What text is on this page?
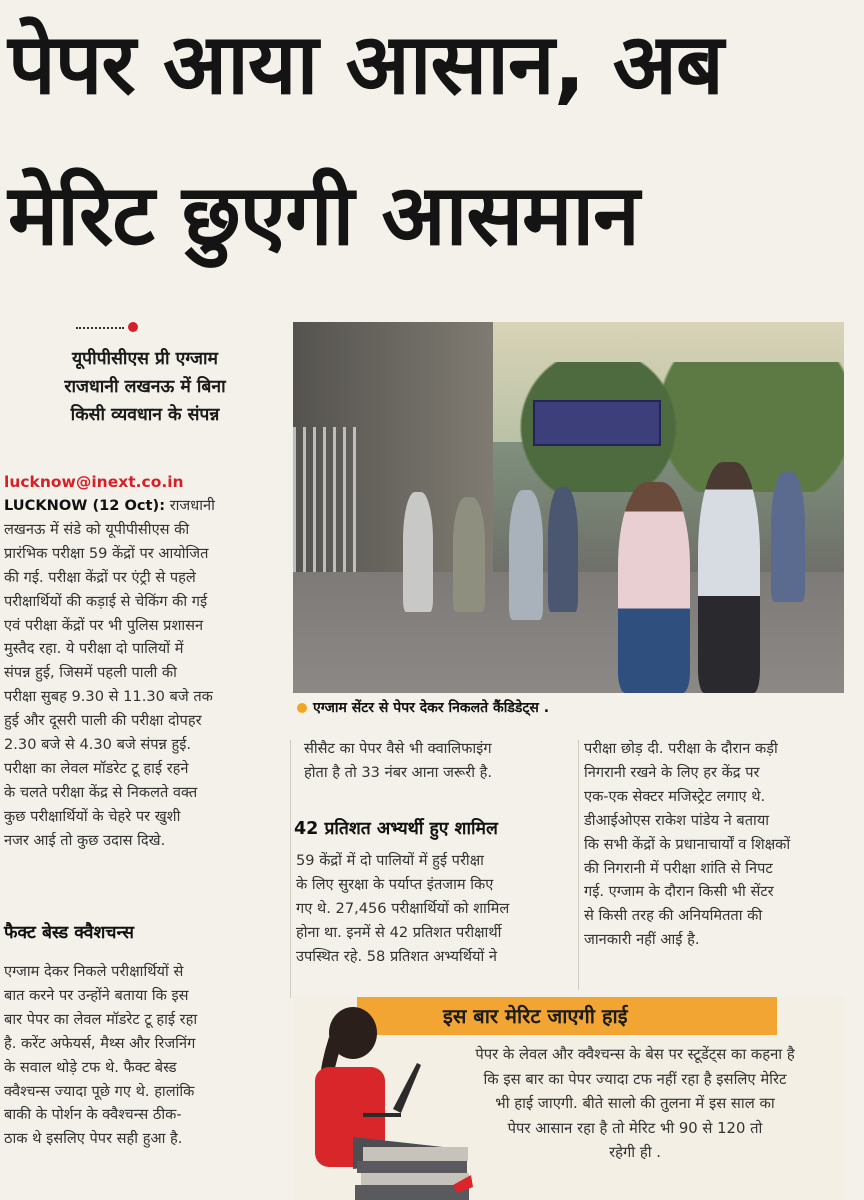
पेपर आया आसान, अब
मेरिट छुएगी आसमान
यूपीपीसीएस प्री एग्जाम
राजधानी लखनऊ में बिना
किसी व्यवधान के संपन्न
lucknow@inext.co.in
LUCKNOW (12 Oct): राजधानी
लखनऊ में संडे को यूपीपीसीएस की
प्रारंभिक परीक्षा 59 केंद्रों पर आयोजित
की गई. परीक्षा केंद्रों पर एंट्री से पहले
परीक्षार्थियों की कड़ाई से चेकिंग की गई
एवं परीक्षा केंद्रों पर भी पुलिस प्रशासन
मुस्तैद रहा. ये परीक्षा दो पालियों में
संपन्न हुई, जिसमें पहली पाली की
परीक्षा सुबह 9.30 से 11.30 बजे तक
हुई और दूसरी पाली की परीक्षा दोपहर
2.30 बजे से 4.30 बजे संपन्न हुई.
परीक्षा का लेवल मॉडरेट टू हाई रहने
के चलते परीक्षा केंद्र से निकलते वक्त
कुछ परीक्षार्थियों के चेहरे पर खुशी
नजर आई तो कुछ उदास दिखे.
फैक्ट बेस्ड क्वैशचन्स
एग्जाम देकर निकले परीक्षार्थियों से
बात करने पर उन्होंने बताया कि इस
बार पेपर का लेवल मॉडरेट टू हाई रहा
है. करेंट अफेयर्स, मैथ्स और रिजनिंग
के सवाल थोड़े टफ थे. फैक्ट बेस्ड
क्वैश्चन्स ज्यादा पूछे गए थे. हालांकि
बाकी के पोर्शन के क्वैश्चन्स ठीक-
ठाक थे इसलिए पेपर सही हुआ है.
एग्जाम सेंटर से पेपर देकर निकलते कैंडिडेट्स .
सीसैट का पेपर वैसे भी क्वालिफाइंग
होता है तो 33 नंबर आना जरूरी है.
42 प्रतिशत अभ्यर्थी हुए शामिल
59 केंद्रों में दो पालियों में हुई परीक्षा
के लिए सुरक्षा के पर्याप्त इंतजाम किए
गए थे. 27,456 परीक्षार्थियों को शामिल
होना था. इनमें से 42 प्रतिशत परीक्षार्थी
उपस्थित रहे. 58 प्रतिशत अभ्यर्थियों ने
परीक्षा छोड़ दी. परीक्षा के दौरान कड़ी
निगरानी रखने के लिए हर केंद्र पर
एक-एक सेक्टर मजिस्ट्रेट लगाए थे.
डीआईओएस राकेश पांडेय ने बताया
कि सभी केंद्रों के प्रधानाचार्यों व शिक्षकों
की निगरानी में परीक्षा शांति से निपट
गई. एग्जाम के दौरान किसी भी सेंटर
से किसी तरह की अनियमितता की
जानकारी नहीं आई है.
इस बार मेरिट जाएगी हाई
पेपर के लेवल और क्वैश्चन्स के बेस पर स्टूडेंट्स का कहना है
कि इस बार का पेपर ज्यादा टफ नहीं रहा है इसलिए मेरिट
भी हाई जाएगी. बीते सालो की तुलना में इस साल का
पेपर आसान रहा है तो मेरिट भी 90 से 120 तो
रहेगी ही .
